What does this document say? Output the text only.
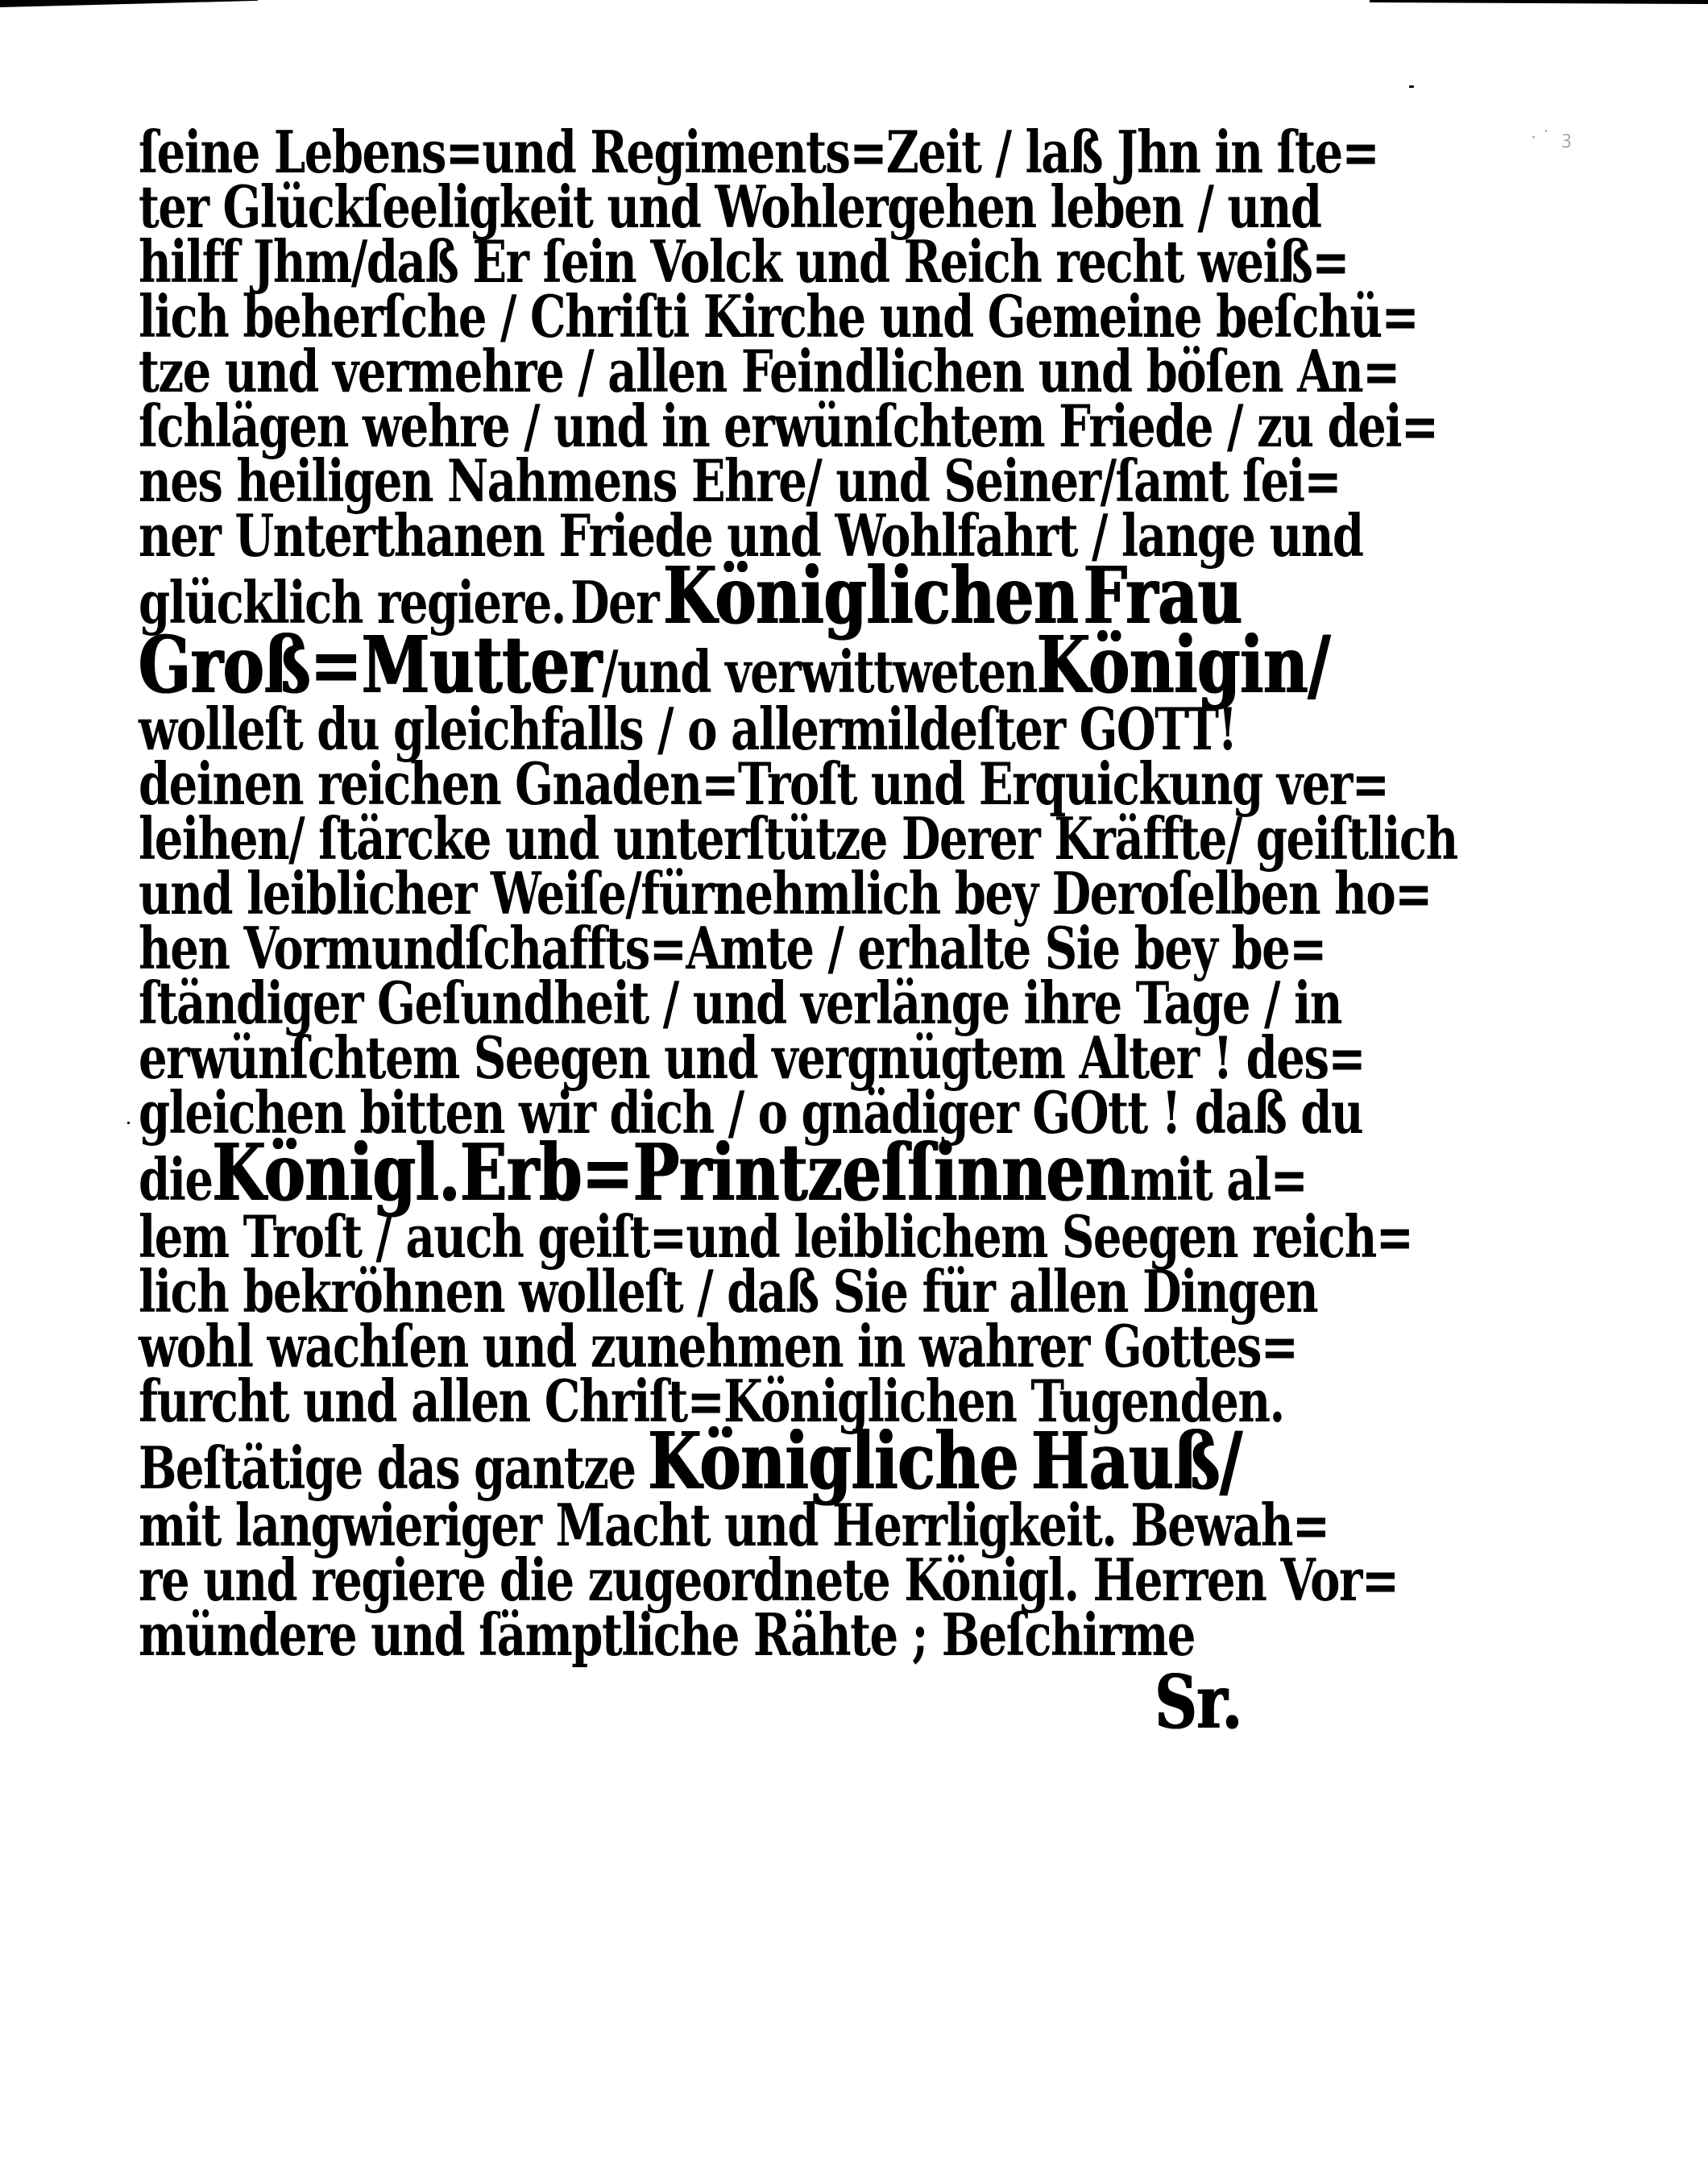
· ͘ ꝫ
ſeine Lebens=und Regiments=Zeit / laß Jhn in ſte=
ter Glückſeeligkeit und Wohlergehen leben / und
hilff Jhm/daß Er ſein Volck und Reich recht weiß=
lich beherſche / Chriſti Kirche und Gemeine beſchü=
tze und vermehre / allen Feindlichen und böſen An=
ſchlägen wehre / und in erwünſchtem Friede / zu dei=
nes heiligen Nahmens Ehre/ und Seiner/ſamt ſei=
ner Unterthanen Friede und Wohlfahrt / lange und
glücklich regiere. Der Königlichen Frau
Groß=Mutter /und verwittweten Königin/
wolleſt du gleichfalls / o allermildeſter GOTT!
deinen reichen Gnaden=Troſt und Erquickung ver=
leihen/ ſtärcke und unterſtütze Derer Kräffte/ geiſtlich
und leiblicher Weiſe/fürnehmlich bey Deroſelben ho=
hen Vormundſchaffts=Amte / erhalte Sie bey be=
ſtändiger Geſundheit / und verlänge ihre Tage / in
erwünſchtem Seegen und vergnügtem Alter ! des=
gleichen bitten wir dich / o gnädiger GOtt ! daß du
die Königl. Erb= Printzeſſinnen mit al=
lem Troſt / auch geiſt=und leiblichem Seegen reich=
lich bekröhnen wolleſt / daß Sie für allen Dingen
wohl wachſen und zunehmen in wahrer Gottes=
furcht und allen Chriſt=Königlichen Tugenden.
Beſtätige das gantze Königliche Hauß/
mit langwieriger Macht und Herrligkeit. Bewah=
re und regiere die zugeordnete Königl. Herren Vor=
mündere und ſämptliche Rähte ; Beſchirme
Sr.
